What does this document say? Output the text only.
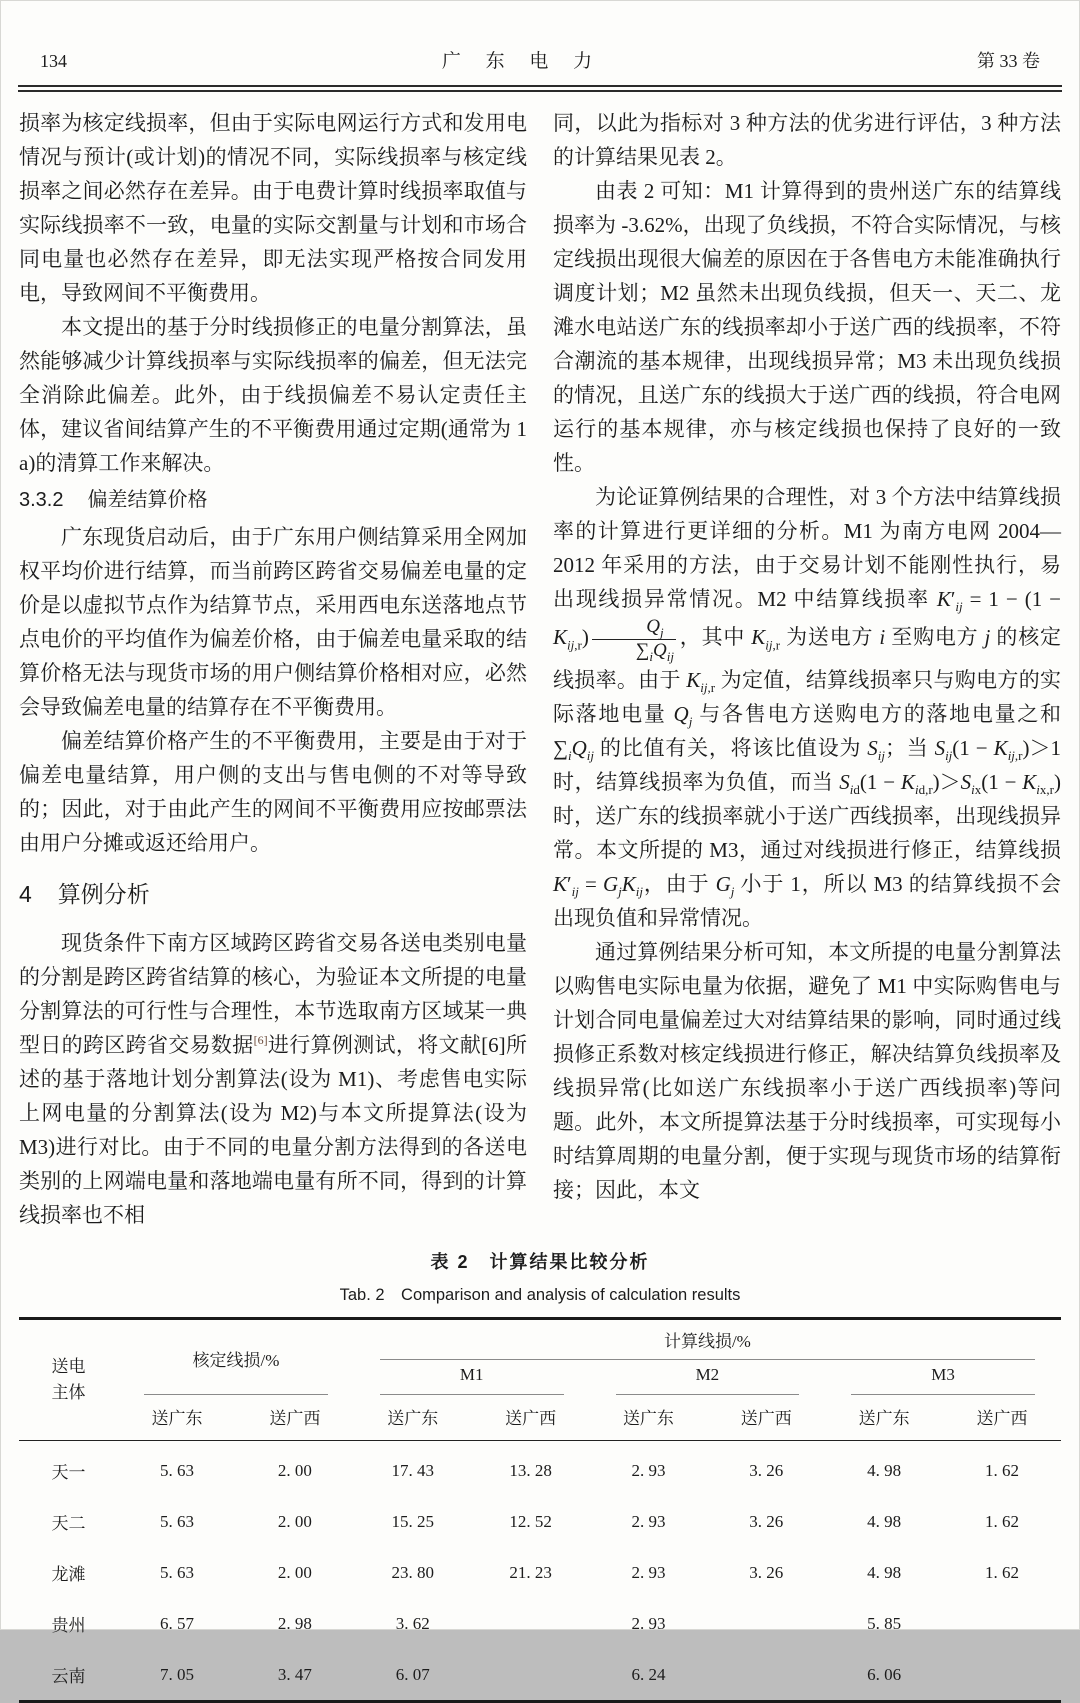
134	广 东 电 力	第 33 卷

损率为核定线损率，但由于实际电网运行方式和发用电情况与预计(或计划)的情况不同，实际线损率与核定线损率之间必然存在差异。由于电费计算时线损率取值与实际线损率不一致，电量的实际交割量与计划和市场合同电量也必然存在差异，即无法实现严格按合同发用电，导致网间不平衡费用。

本文提出的基于分时线损修正的电量分割算法，虽然能够减少计算线损率与实际线损率的偏差，但无法完全消除此偏差。此外，由于线损偏差不易认定责任主体，建议省间结算产生的不平衡费用通过定期(通常为 1 a)的清算工作来解决。

3.3.2 偏差结算价格

广东现货启动后，由于广东用户侧结算采用全网加权平均价进行结算，而当前跨区跨省交易偏差电量的定价是以虚拟节点作为结算节点，采用西电东送落地点节点电价的平均值作为偏差价格，由于偏差电量采取的结算价格无法与现货市场的用户侧结算价格相对应，必然会导致偏差电量的结算存在不平衡费用。

偏差结算价格产生的不平衡费用，主要是由于对于偏差电量结算，用户侧的支出与售电侧的不对等导致的；因此，对于由此产生的网间不平衡费用应按邮票法由用户分摊或返还给用户。

4 算例分析

现货条件下南方区域跨区跨省交易各送电类别电量的分割是跨区跨省结算的核心，为验证本文所提的电量分割算法的可行性与合理性，本节选取南方区域某一典型日的跨区跨省交易数据[6]进行算例测试，将文献[6]所述的基于落地计划分割算法(设为 M1)、考虑售电实际上网电量的分割算法(设为 M2)与本文所提算法(设为 M3)进行对比。由于不同的电量分割方法得到的各送电类别的上网端电量和落地端电量有所不同，得到的计算线损率也不相

同，以此为指标对 3 种方法的优劣进行评估，3 种方法的计算结果见表 2。

由表 2 可知：M1 计算得到的贵州送广东的结算线损率为 -3.62%，出现了负线损，不符合实际情况，与核定线损出现很大偏差的原因在于各售电方未能准确执行调度计划；M2 虽然未出现负线损，但天一、天二、龙滩水电站送广东的线损率却小于送广西的线损率，不符合潮流的基本规律，出现线损异常；M3 未出现负线损的情况，且送广东的线损大于送广西的线损，符合电网运行的基本规律，亦与核定线损也保持了良好的一致性。

为论证算例结果的合理性，对 3 个方法中结算线损率的计算进行更详细的分析。M1 为南方电网 2004—2012 年采用的方法，由于交易计划不能刚性执行，易出现线损异常情况。M2 中结算线损率 $K'_{ij} = 1 - (1 - K_{ij,r}) \frac{Q_j}{\sum_iQ_{ij}}$ ，其中 $K_{ij,r}$ 为送电方 i 至购电方 j 的核定线损率。由于 $K_{ij,r}$ 为定值，结算线损率只与购电方的实际落地电量 $Q_j$ 与各售电方送购电方的落地电量之和 $\sum_iQ_{ij}$ 的比值有关，将该比值设为 $S_{ij}$；当 $S_{ij}(1 - K_{ij,r})>1$ 时，结算线损率为负值，而当 $S_{id}(1 - K_{id,r})>S_{ix}(1 - K_{ix,r})$时，送广东的线损率就小于送广西线损率，出现线损异常。本文所提的 M3，通过对线损进行修正，结算线损 $K'_{ij} = G_jK_{ij}$，由于 $G_j$ 小于 1，所以 M3 的结算线损不会出现负值和异常情况。

通过算例结果分析可知，本文所提的电量分割算法以购售电实际电量为依据，避免了 M1 中实际购售电与计划合同电量偏差过大对结算结果的影响，同时通过线损修正系数对核定线损进行修正，解决结算负线损率及线损异常(比如送广东线损率小于送广西线损率)等问题。此外，本文所提算法基于分时线损率，可实现每小时结算周期的电量分割，便于实现与现货市场的结算衔接；因此，本文

表 2　计算结果比较分析
Tab. 2　Comparison and analysis of calculation results
送电
主体	核定线损/%		计算线损/%					

			M1		M2		M3	

	送广东	送广西	送广东	送广西	送广东	送广西	送广东	送广西
天一	5. 63	2. 00	17. 43	13. 28	2. 93	3. 26	4. 98	1. 62
天二	5. 63	2. 00	15. 25	12. 52	2. 93	3. 26	4. 98	1. 62
龙滩	5. 63	2. 00	23. 80	21. 23	2. 93	3. 26	4. 98	1. 62
贵州	6. 57	2. 98	3. 62		2. 93		5. 85	
云南	7. 05	3. 47	6. 07		6. 24		6. 06	
